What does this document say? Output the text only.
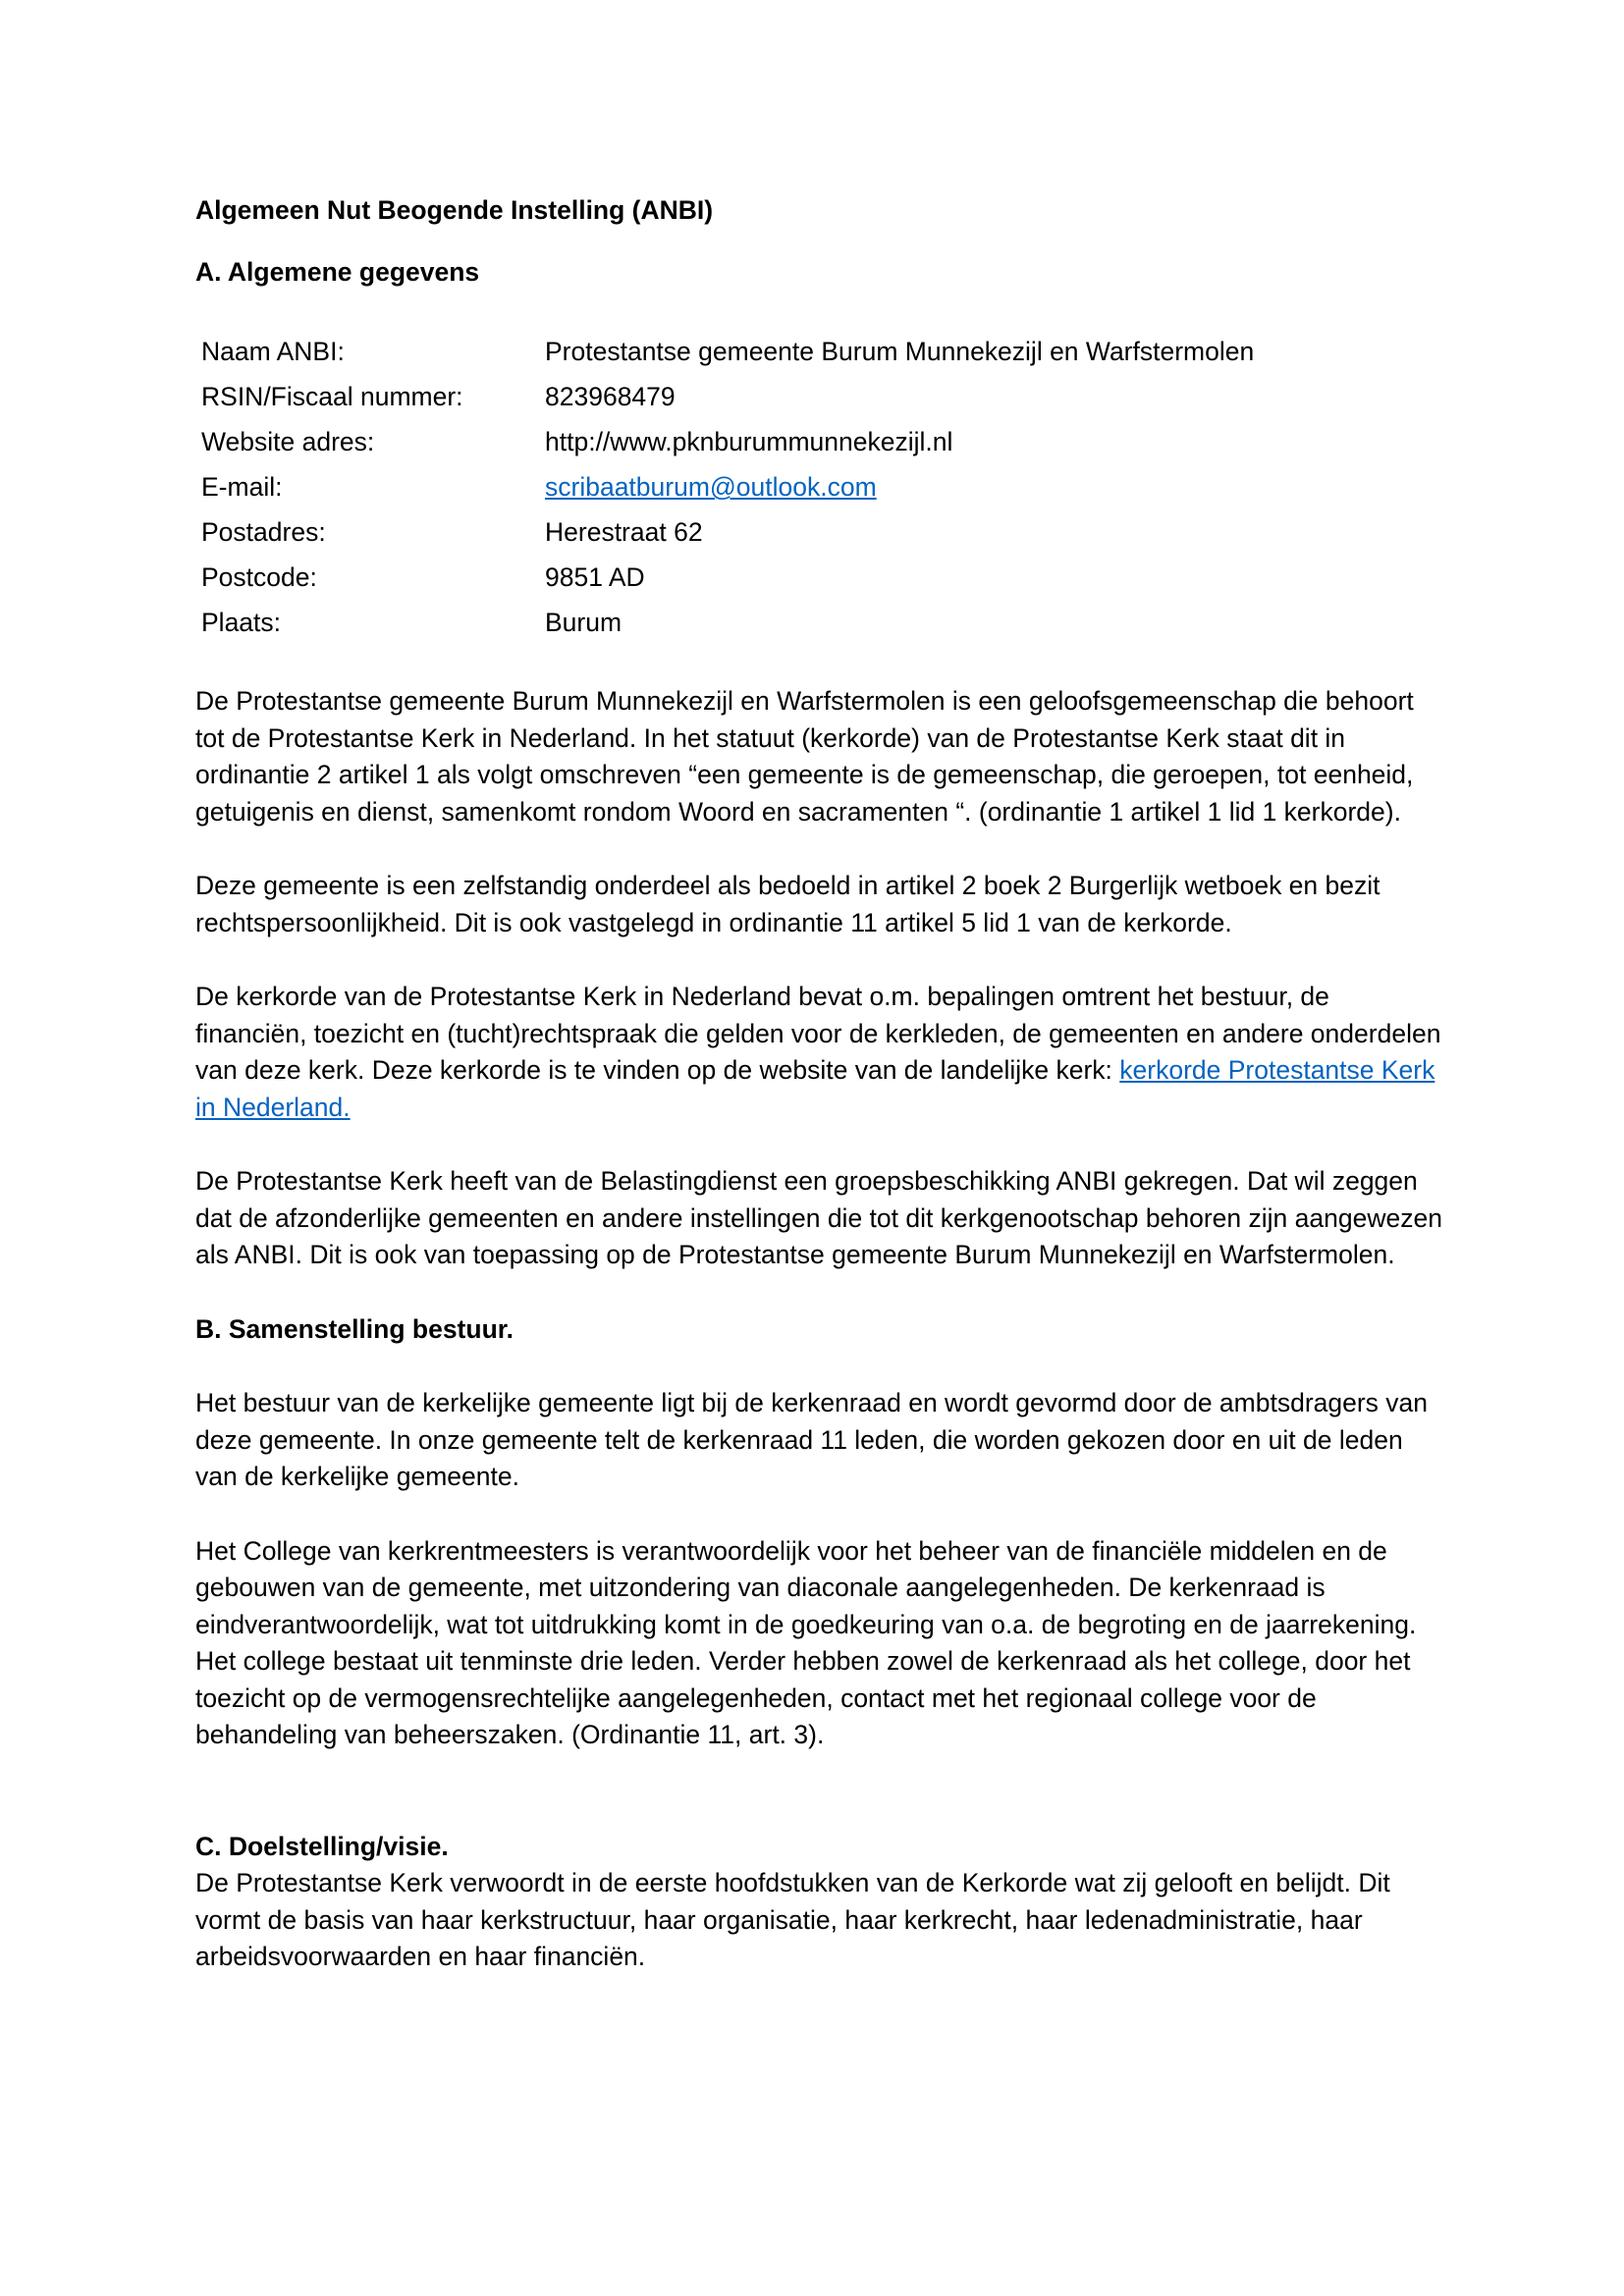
Algemeen Nut Beogende Instelling (ANBI)
A. Algemene gegevens
Naam ANBI:	Protestantse gemeente Burum Munnekezijl en Warfstermolen
RSIN/Fiscaal nummer:	823968479
Website adres:	http://www.pknburummunnekezijl.nl
E-mail:	scribaatburum@outlook.com
Postadres:	Herestraat 62
Postcode:	9851 AD
Plaats:	Burum

De Protestantse gemeente Burum Munnekezijl en Warfstermolen is een geloofsgemeenschap die behoort tot de Protestantse Kerk in Nederland. In het statuut (kerkorde) van de Protestantse Kerk staat dit in ordinantie 2 artikel 1 als volgt omschreven “een gemeente is de gemeenschap, die geroepen, tot eenheid, getuigenis en dienst, samenkomt rondom Woord en sacramenten “. (ordinantie 1 artikel 1 lid 1 kerkorde).

Deze gemeente is een zelfstandig onderdeel als bedoeld in artikel 2 boek 2 Burgerlijk wetboek en bezit rechtspersoonlijkheid. Dit is ook vastgelegd in ordinantie 11 artikel 5 lid 1 van de kerkorde.

De kerkorde van de Protestantse Kerk in Nederland bevat o.m. bepalingen omtrent het bestuur, de financiën, toezicht en (tucht)rechtspraak die gelden voor de kerkleden, de gemeenten en andere onderdelen van deze kerk. Deze kerkorde is te vinden op de website van de landelijke kerk: kerkorde Protestantse Kerk in Nederland.

De Protestantse Kerk heeft van de Belastingdienst een groepsbeschikking ANBI gekregen. Dat wil zeggen dat de afzonderlijke gemeenten en andere instellingen die tot dit kerkgenootschap behoren zijn aangewezen als ANBI. Dit is ook van toepassing op de Protestantse gemeente Burum Munnekezijl en Warfstermolen.

B. Samenstelling bestuur.

Het bestuur van de kerkelijke gemeente ligt bij de kerkenraad en wordt gevormd door de ambtsdragers van deze gemeente. In onze gemeente telt de kerkenraad 11 leden, die worden gekozen door en uit de leden van de kerkelijke gemeente.

Het College van kerkrentmeesters is verantwoordelijk voor het beheer van de financiële middelen en de gebouwen van de gemeente, met uitzondering van diaconale aangelegenheden. De kerkenraad is eindverantwoordelijk, wat tot uitdrukking komt in de goedkeuring van o.a. de begroting en de jaarrekening. Het college bestaat uit tenminste drie leden. Verder hebben zowel de kerkenraad als het college, door het toezicht op de vermogensrechtelijke aangelegenheden, contact met het regionaal college voor de behandeling van beheerszaken. (Ordinantie 11, art. 3).

C. Doelstelling/visie.

De Protestantse Kerk verwoordt in de eerste hoofdstukken van de Kerkorde wat zij gelooft en belijdt. Dit vormt de basis van haar kerkstructuur, haar organisatie, haar kerkrecht, haar ledenadministratie, haar arbeidsvoorwaarden en haar financiën.
